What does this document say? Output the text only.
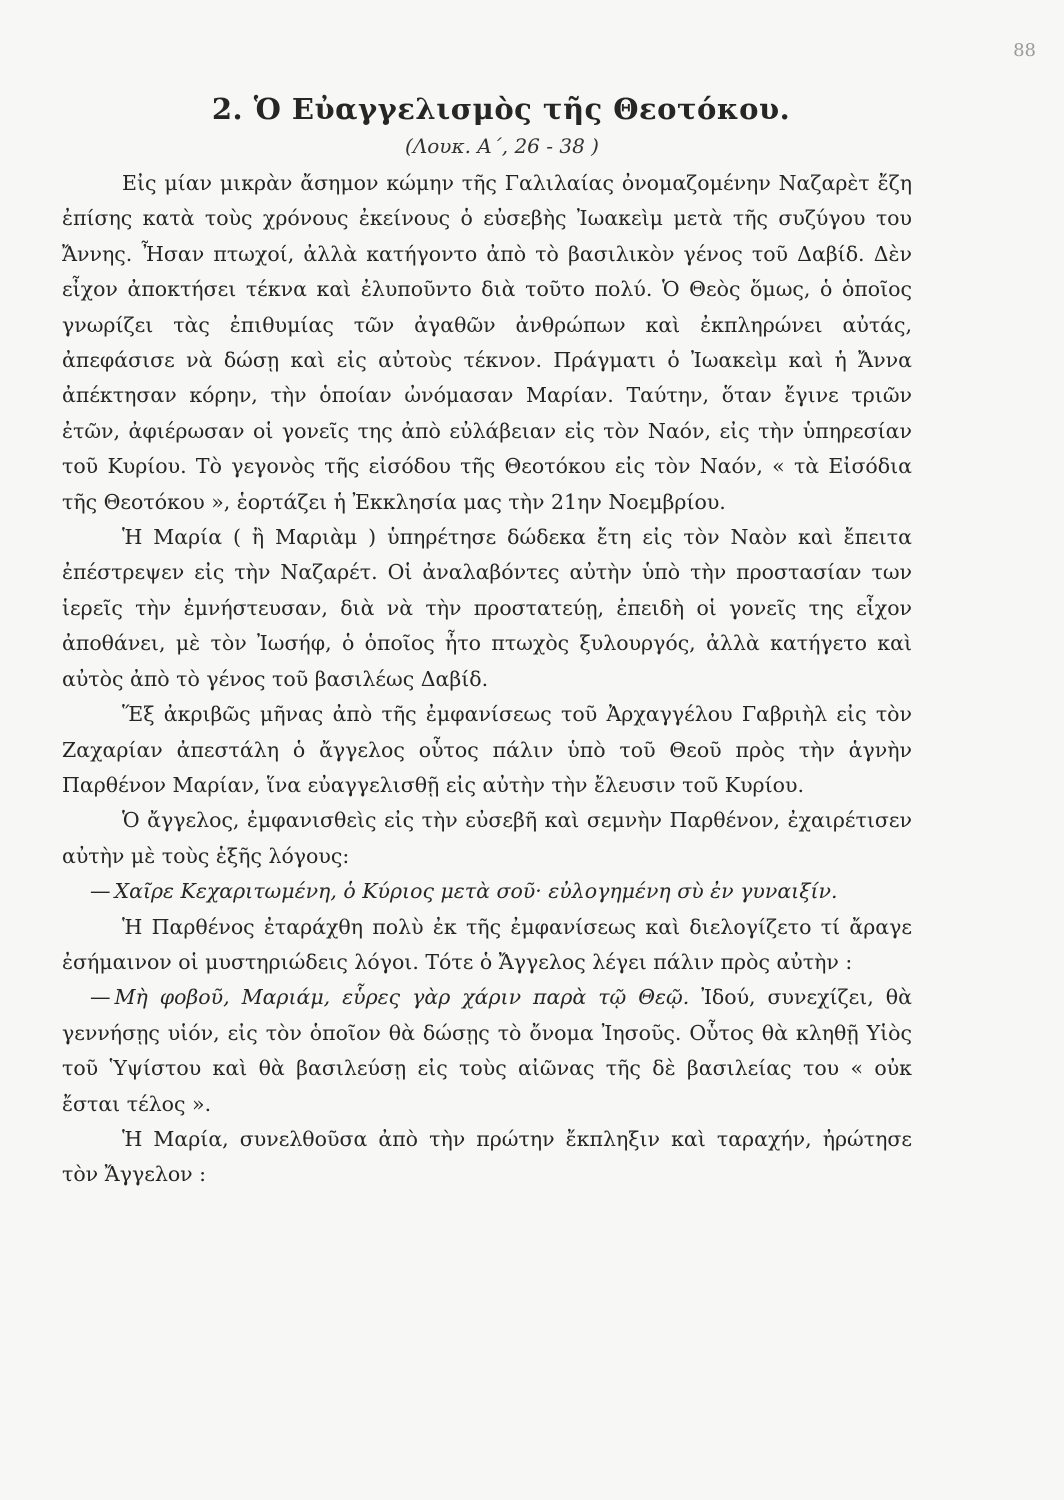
88
2. Ὁ Εὐαγγελισμὸς τῆς Θεοτόκου.
(Λουκ. Α΄, 26 - 38 )

Εἰς μίαν μικρὰν ἄσημον κώμην τῆς Γαλιλαίας ὀνομαζομένην Ναζαρὲτ ἔζη ἐπίσης κατὰ τοὺς χρόνους ἐκείνους ὁ εὐσεβὴς Ἰωακεὶμ μετὰ τῆς συζύγου του Ἄννης. Ἦσαν πτωχοί, ἀλλὰ κατήγοντο ἀπὸ τὸ βασιλικὸν γένος τοῦ Δαβίδ. Δὲν εἶχον ἀποκτήσει τέκνα καὶ ἐλυποῦντο διὰ τοῦτο πολύ. Ὁ Θεὸς ὅμως, ὁ ὁποῖος γνωρίζει τὰς ἐπιθυμίας τῶν ἀγαθῶν ἀνθρώπων καὶ ἐκπληρώνει αὐτάς, ἀπεφάσισε νὰ δώσῃ καὶ εἰς αὐτοὺς τέκνον. Πράγματι ὁ Ἰωακεὶμ καὶ ἡ Ἄννα ἀπέκτησαν κόρην, τὴν ὁποίαν ὠνόμασαν Μαρίαν. Ταύτην, ὅταν ἔγινε τριῶν ἐτῶν, ἀφιέρωσαν οἱ γονεῖς της ἀπὸ εὐλάβειαν εἰς τὸν Ναόν, εἰς τὴν ὑπηρεσίαν τοῦ Κυρίου. Τὸ γεγονὸς τῆς εἰσόδου τῆς Θεοτόκου εἰς τὸν Ναόν, « τὰ Εἰσόδια τῆς Θεοτόκου », ἑορτάζει ἡ Ἐκκλησία μας τὴν 21ην Νοεμβρίου.

Ἡ Μαρία ( ἢ Μαριὰμ ) ὑπηρέτησε δώδεκα ἔτη εἰς τὸν Ναὸν καὶ ἔπειτα ἐπέστρεψεν εἰς τὴν Ναζαρέτ. Οἱ ἀναλαβόντες αὐτὴν ὑπὸ τὴν προστασίαν των ἱερεῖς τὴν ἐμνήστευσαν, διὰ νὰ τὴν προστατεύῃ, ἐπειδὴ οἱ γονεῖς της εἶχον ἀποθάνει, μὲ τὸν Ἰωσήφ, ὁ ὁποῖος ἦτο πτωχὸς ξυλουργός, ἀλλὰ κατήγετο καὶ αὐτὸς ἀπὸ τὸ γένος τοῦ βασιλέως Δαβίδ.

Ἕξ ἀκριβῶς μῆνας ἀπὸ τῆς ἐμφανίσεως τοῦ Ἀρχαγγέλου Γαβριὴλ εἰς τὸν Ζαχαρίαν ἀπεστάλη ὁ ἄγγελος οὗτος πάλιν ὑπὸ τοῦ Θεοῦ πρὸς τὴν ἁγνὴν Παρθένον Μαρίαν, ἵνα εὐαγγελισθῇ εἰς αὐτὴν τὴν ἔλευσιν τοῦ Κυρίου.

Ὁ ἄγγελος, ἐμφανισθεὶς εἰς τὴν εὐσεβῆ καὶ σεμνὴν Παρθένον, ἐχαιρέτισεν αὐτὴν μὲ τοὺς ἑξῆς λόγους:

— Χαῖρε Κεχαριτωμένη, ὁ Κύριος μετὰ σοῦ· εὐλογημένη σὺ ἐν γυναιξίν.

Ἡ Παρθένος ἐταράχθη πολὺ ἐκ τῆς ἐμφανίσεως καὶ διελογίζετο τί ἄραγε ἐσήμαινον οἱ μυστηριώδεις λόγοι. Τότε ὁ Ἄγγελος λέγει πάλιν πρὸς αὐτὴν :

— Μὴ φοβοῦ, Μαριάμ, εὗρες γὰρ χάριν παρὰ τῷ Θεῷ. Ἰδού, συνεχίζει, θὰ γεννήσῃς υἱόν, εἰς τὸν ὁποῖον θὰ δώσῃς τὸ ὄνομα Ἰησοῦς. Οὗτος θὰ κληθῇ Υἱὸς τοῦ Ὑψίστου καὶ θὰ βασιλεύσῃ εἰς τοὺς αἰῶνας τῆς δὲ βασιλείας του « οὐκ ἔσται τέλος ».

Ἡ Μαρία, συνελθοῦσα ἀπὸ τὴν πρώτην ἔκπληξιν καὶ ταραχήν, ἠρώτησε τὸν Ἄγγελον :
